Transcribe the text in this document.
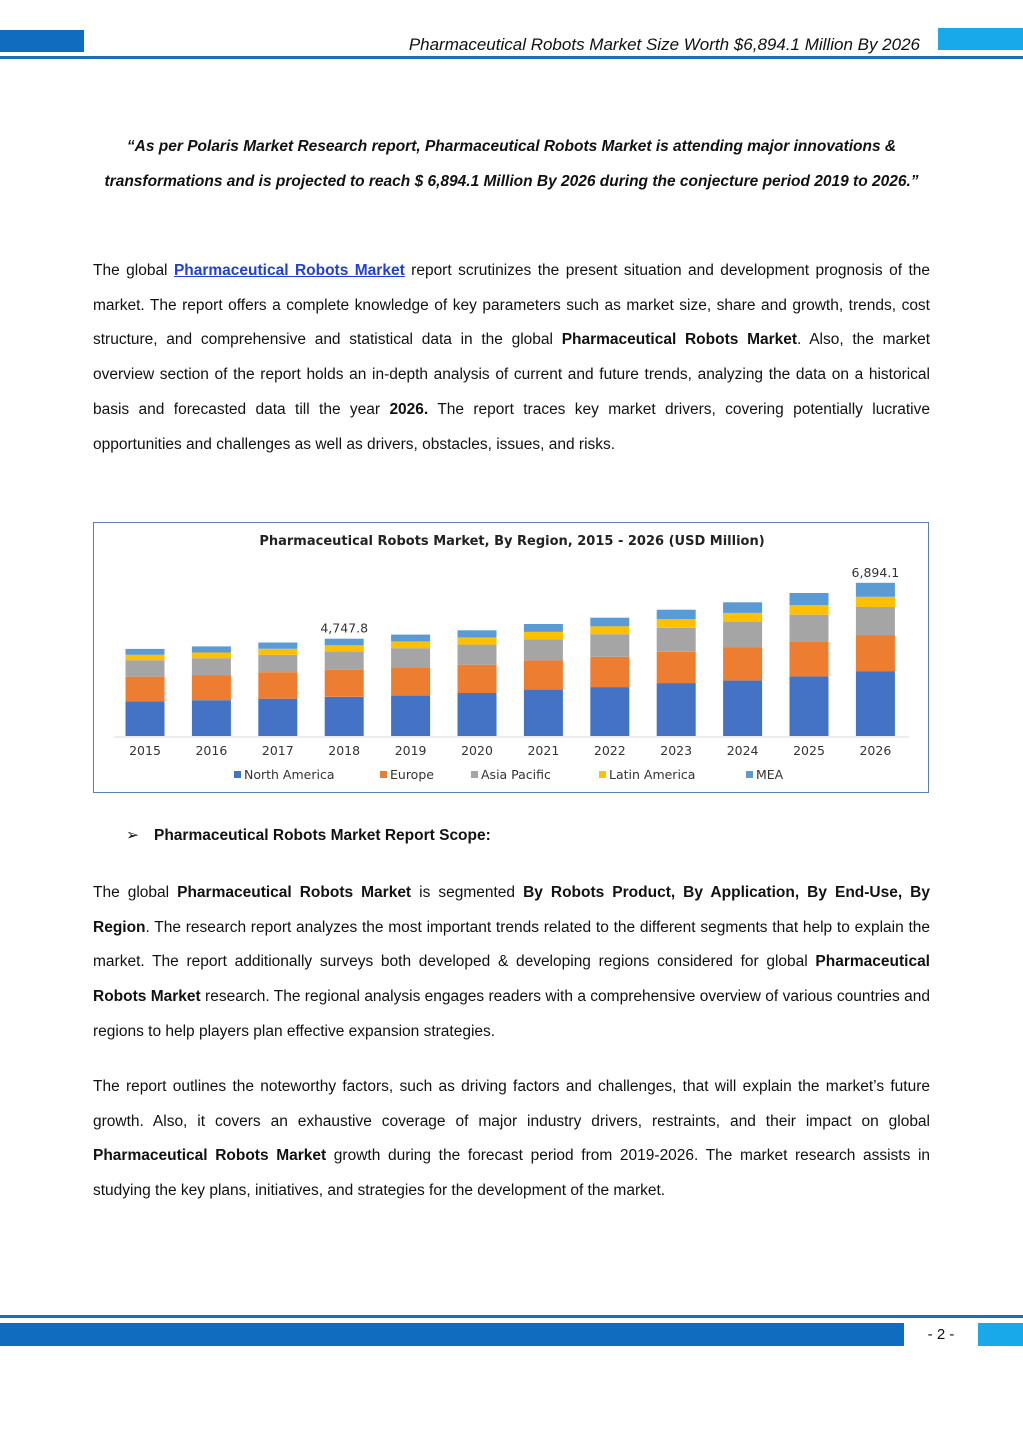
Pharmaceutical Robots Market Size Worth $6,894.1 Million By 2026
“As per Polaris Market Research report, Pharmaceutical Robots Market is attending major innovations & transformations and is projected to reach $ 6,894.1 Million By 2026 during the conjecture period 2019 to 2026.”
The global Pharmaceutical Robots Market report scrutinizes the present situation and development prognosis of the market. The report offers a complete knowledge of key parameters such as market size, share and growth, trends, cost structure, and comprehensive and statistical data in the global Pharmaceutical Robots Market. Also, the market overview section of the report holds an in-depth analysis of current and future trends, analyzing the data on a historical basis and forecasted data till the year 2026. The report traces key market drivers, covering potentially lucrative opportunities and challenges as well as drivers, obstacles, issues, and risks.
Pharmaceutical Robots Market, By Region, 2015 - 2026 (USD Million)
2015	2016	2017	2018	2019	2020	2021	2022	2023	2024	2025	2026
4,747.8
6,894.1
North America	Europe	Asia Pacific	Latin America	MEA
➢ Pharmaceutical Robots Market Report Scope:
The global Pharmaceutical Robots Market is segmented By Robots Product, By Application, By End-Use, By Region. The research report analyzes the most important trends related to the different segments that help to explain the market. The report additionally surveys both developed & developing regions considered for global Pharmaceutical Robots Market research. The regional analysis engages readers with a comprehensive overview of various countries and regions to help players plan effective expansion strategies.
The report outlines the noteworthy factors, such as driving factors and challenges, that will explain the market’s future growth. Also, it covers an exhaustive coverage of major industry drivers, restraints, and their impact on global Pharmaceutical Robots Market growth during the forecast period from 2019-2026. The market research assists in studying the key plans, initiatives, and strategies for the development of the market.
- 2 -
